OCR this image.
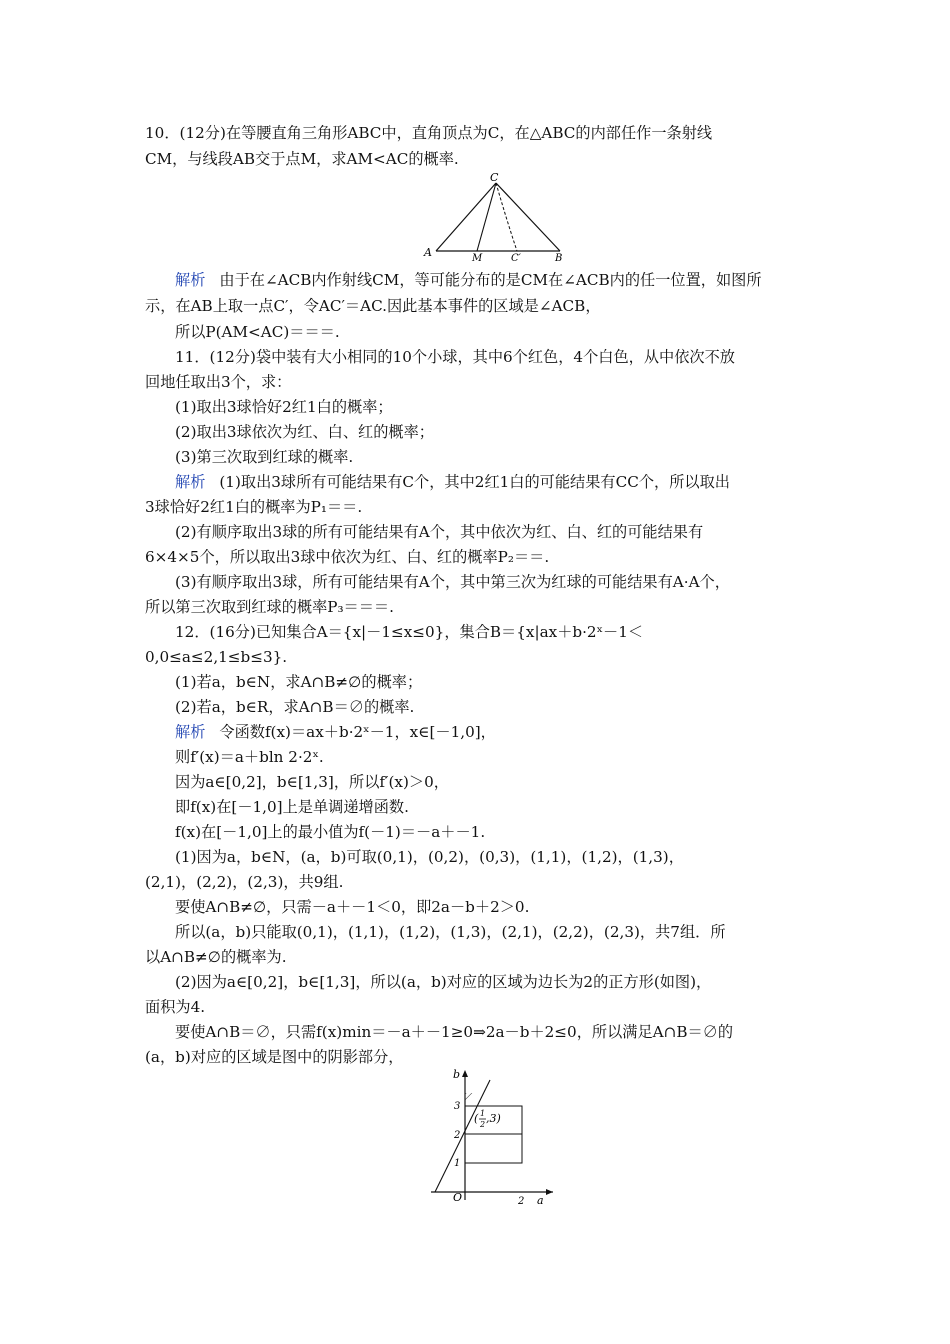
10．(12分)在等腰直角三角形ABC中，直角顶点为C，在△ABC的内部任作一条射线
CM，与线段AB交于点M，求AM<AC的概率.
C
A	M	C′	B
解析 由于在∠ACB内作射线CM，等可能分布的是CM在∠ACB内的任一位置，如图所
示，在AB上取一点C′，令AC′＝AC.因此基本事件的区域是∠ACB，
所以P(AM<AC)＝＝＝.
11．(12分)袋中装有大小相同的10个小球，其中6个红色，4个白色，从中依次不放
回地任取出3个，求：
(1)取出3球恰好2红1白的概率；
(2)取出3球依次为红、白、红的概率；
(3)第三次取到红球的概率.
解析 (1)取出3球所有可能结果有C个，其中2红1白的可能结果有CC个，所以取出
3球恰好2红1白的概率为P₁＝＝.
(2)有顺序取出3球的所有可能结果有A个，其中依次为红、白、红的可能结果有
6×4×5个，所以取出3球中依次为红、白、红的概率P₂＝＝.
(3)有顺序取出3球，所有可能结果有A个，其中第三次为红球的可能结果有A·A个，
所以第三次取到红球的概率P₃＝＝＝.
12．(16分)已知集合A＝{x|－1≤x≤0}，集合B＝{x|ax＋b·2ˣ－1＜
0,0≤a≤2,1≤b≤3}.
(1)若a，b∈N，求A∩B≠∅的概率；
(2)若a，b∈R，求A∩B＝∅的概率.
解析 令函数f(x)＝ax＋b·2ˣ－1，x∈[－1,0]，
则f′(x)＝a＋bln 2·2ˣ.
因为a∈[0,2]，b∈[1,3]，所以f′(x)＞0，
即f(x)在[－1,0]上是单调递增函数.
f(x)在[－1,0]上的最小值为f(－1)＝－a＋－1.
(1)因为a，b∈N，(a，b)可取(0,1)，(0,2)，(0,3)，(1,1)，(1,2)，(1,3)，
(2,1)，(2,2)，(2,3)，共9组.
要使A∩B≠∅，只需－a＋－1＜0，即2a－b＋2＞0.
所以(a，b)只能取(0,1)，(1,1)，(1,2)，(1,3)，(2,1)，(2,2)，(2,3)，共7组．所
以A∩B≠∅的概率为.
(2)因为a∈[0,2]，b∈[1,3]，所以(a，b)对应的区域为边长为2的正方形(如图)，
面积为4.
要使A∩B＝∅，只需f(x)min＝－a＋－1≥0⇒2a－b＋2≤0，所以满足A∩B＝∅的
(a，b)对应的区域是图中的阴影部分，
b
a
O
3
2
1
2
( 1
2 ,3)
